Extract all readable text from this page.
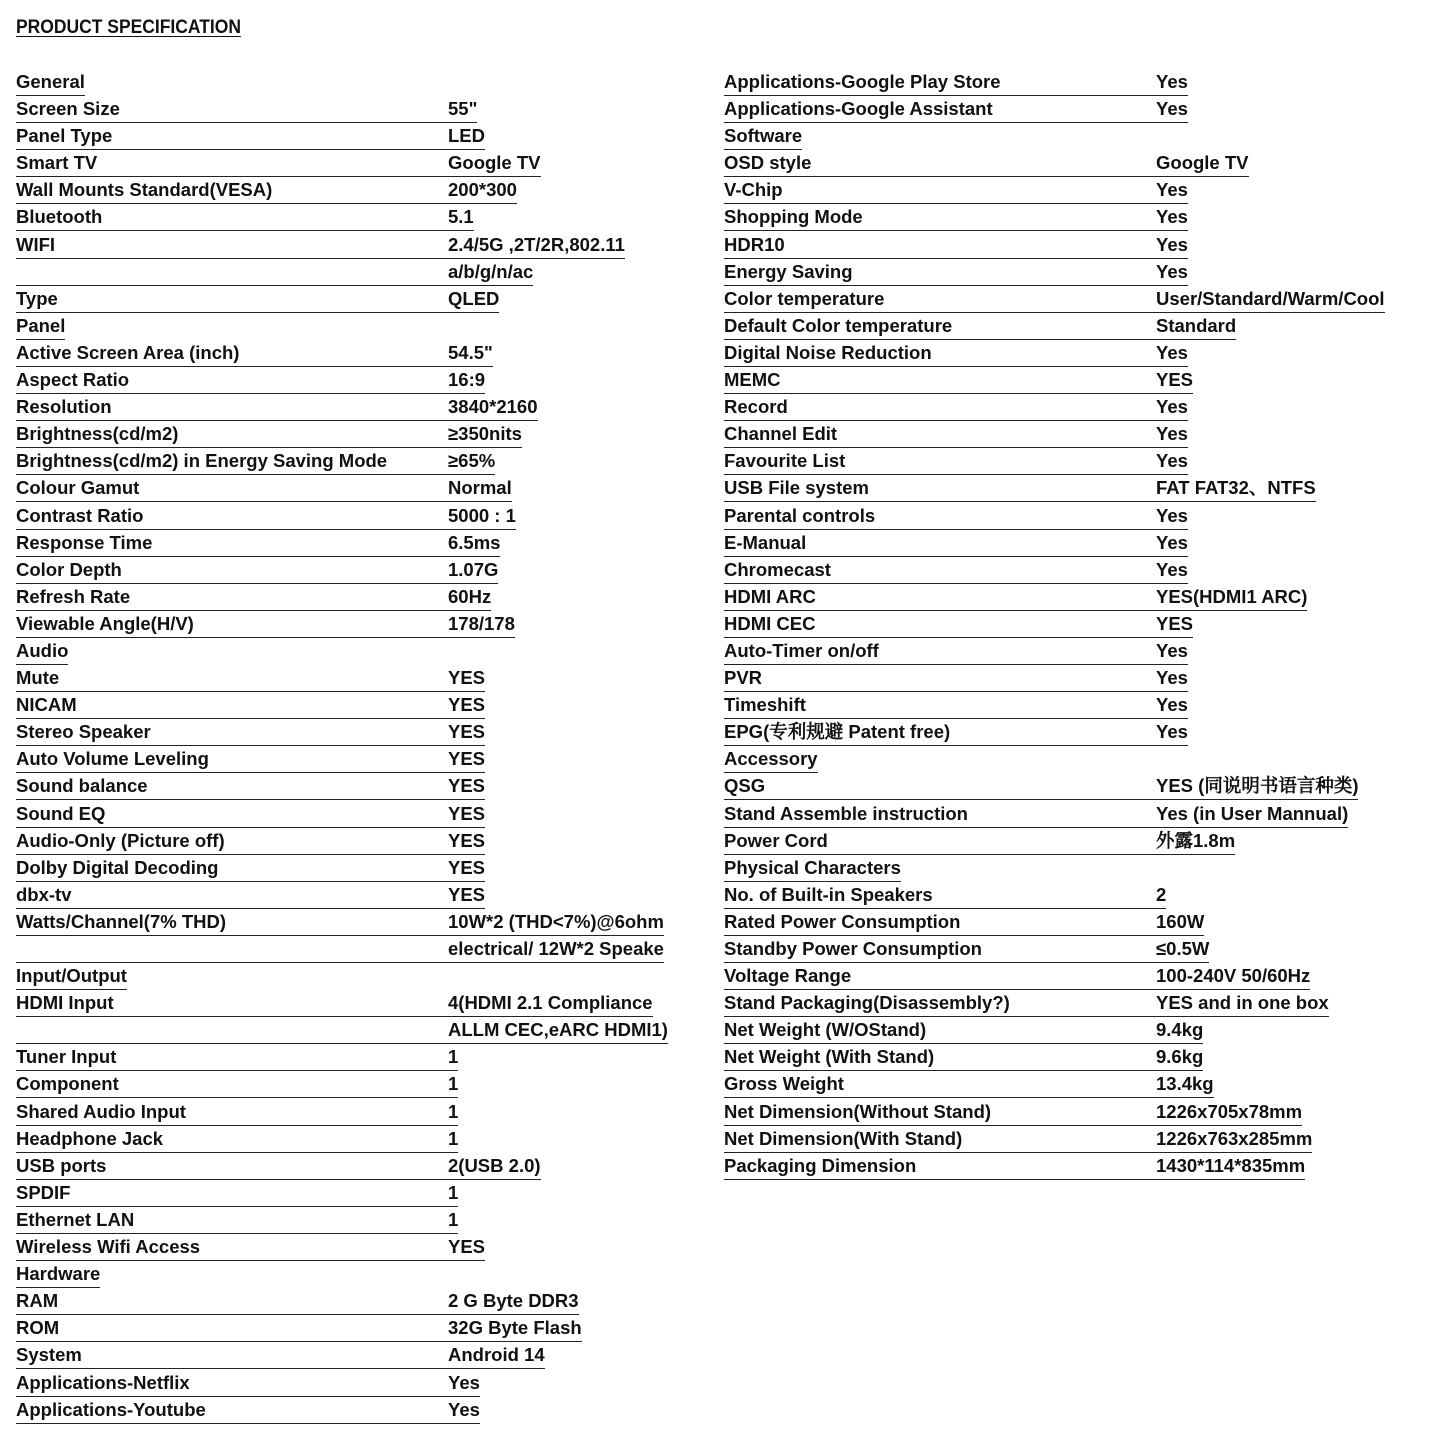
PRODUCT SPECIFICATION
General
Screen Size	55"
Panel Type	LED
Smart TV	Google TV
Wall Mounts Standard(VESA)	200*300
Bluetooth	5.1
WIFI	2.4/5G ,2T/2R,802.11
a/b/g/n/ac
Type	QLED
Panel
Active Screen Area (inch)	54.5"
Aspect Ratio	16:9
Resolution	3840*2160
Brightness(cd/m2)	≥350nits
Brightness(cd/m2) in Energy Saving Mode	≥65%
Colour Gamut	Normal
Contrast Ratio	5000 : 1
Response Time	6.5ms
Color Depth	1.07G
Refresh Rate	60Hz
Viewable Angle(H/V)	178/178
Audio
Mute	YES
NICAM	YES
Stereo Speaker	YES
Auto Volume Leveling	YES
Sound balance	YES
Sound EQ	YES
Audio-Only (Picture off)	YES
Dolby Digital Decoding	YES
dbx-tv	YES
Watts/Channel(7% THD)	10W*2 (THD<7%)@6ohm
electrical/ 12W*2 Speake
Input/Output
HDMI Input	4(HDMI 2.1 Compliance
ALLM CEC,eARC HDMI1)
Tuner Input	1
Component	1
Shared Audio Input	1
Headphone Jack	1
USB ports	2(USB 2.0)
SPDIF	1
Ethernet LAN	1
Wireless Wifi Access	YES
Hardware
RAM	2 G Byte DDR3
ROM	32G Byte Flash
System	Android 14
Applications-Netflix	Yes
Applications-Youtube	Yes
Applications-Google Play Store	Yes
Applications-Google Assistant	Yes
Software
OSD style	Google TV
V-Chip	Yes
Shopping Mode	Yes
HDR10	Yes
Energy Saving	Yes
Color temperature	User/Standard/Warm/Cool
Default Color temperature	Standard
Digital Noise Reduction	Yes
MEMC	YES
Record	Yes
Channel Edit	Yes
Favourite List	Yes
USB File system	FAT FAT32、NTFS
Parental controls	Yes
E-Manual	Yes
Chromecast	Yes
HDMI ARC	YES(HDMI1 ARC)
HDMI CEC	YES
Auto-Timer on/off	Yes
PVR	Yes
Timeshift	Yes
EPG(专利规避 Patent free)	Yes
Accessory
QSG	YES (同说明书语言种类)
Stand Assemble instruction	Yes (in User Mannual)
Power Cord	外露1.8m
Physical Characters
No. of Built-in Speakers	2
Rated Power Consumption	160W
Standby Power Consumption	≤0.5W
Voltage Range	100-240V 50/60Hz
Stand Packaging(Disassembly?)	YES and in one box
Net Weight (W/OStand)	9.4kg
Net Weight (With Stand)	9.6kg
Gross Weight	13.4kg
Net Dimension(Without Stand)	1226x705x78mm
Net Dimension(With Stand)	1226x763x285mm
Packaging Dimension	1430*114*835mm
